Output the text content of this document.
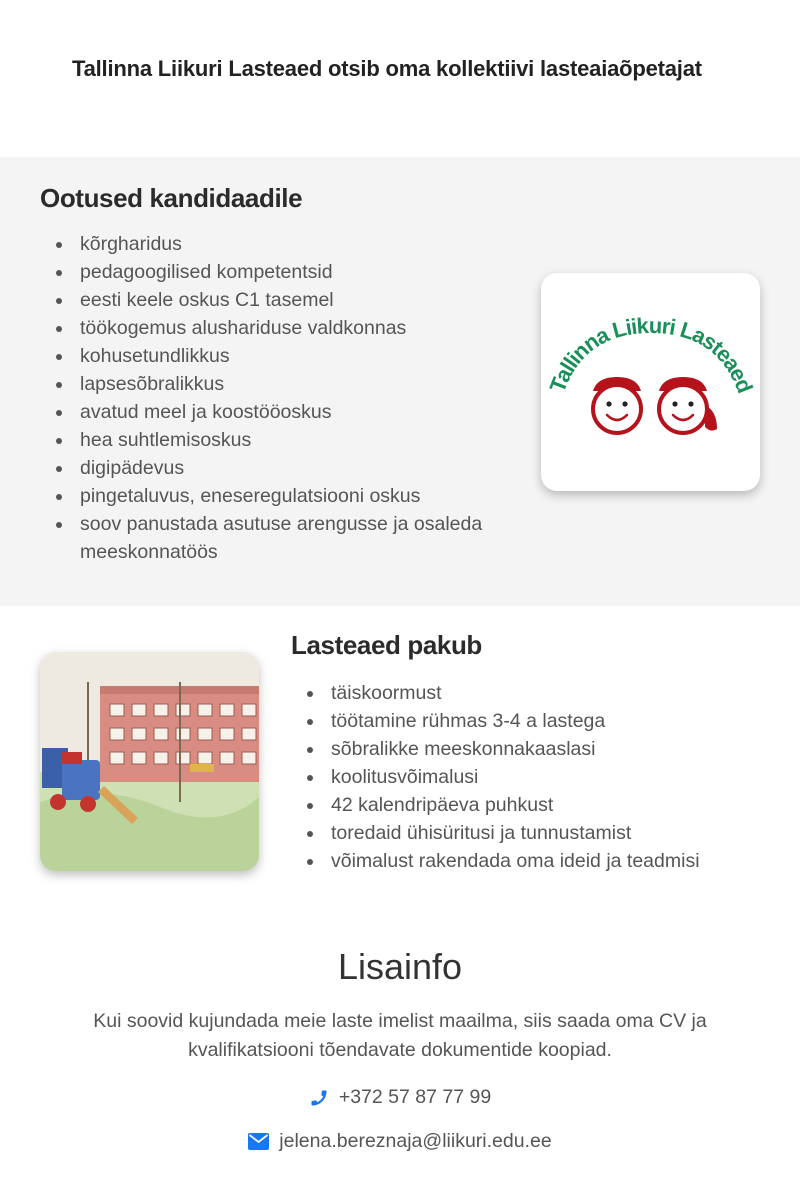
Tallinna Liikuri Lasteaed otsib oma kollektiivi lasteaiaõpetajat
Ootused kandidaadile
kõrgharidus
pedagoogilised kompetentsid
eesti keele oskus C1 tasemel
töökogemus alushariduse valdkonnas
kohusetundlikkus
lapsesõbralikkus
avatud meel ja koostööoskus
hea suhtlemisoskus
digipädevus
pingetaluvus, eneseregulatsiooni oskus
soov panustada asutuse arengusse ja osaleda meeskonnatöös
Tallinna Liikuri Lasteaed
Lasteaed pakub
täiskoormust
töötamine rühmas 3-4 a lastega
sõbralikke meeskonnakaaslasi
koolitusvõimalusi
42 kalendripäeva puhkust
toredaid ühisüritusi ja tunnustamist
võimalust rakendada oma ideid ja teadmisi
Lisainfo

Kui soovid kujundada meie laste imelist maailma, siis saada oma CV ja kvalifikatsiooni tõendavate dokumentide koopiad.

+372 57 87 77 99
jelena.bereznaja@liikuri.edu.ee
